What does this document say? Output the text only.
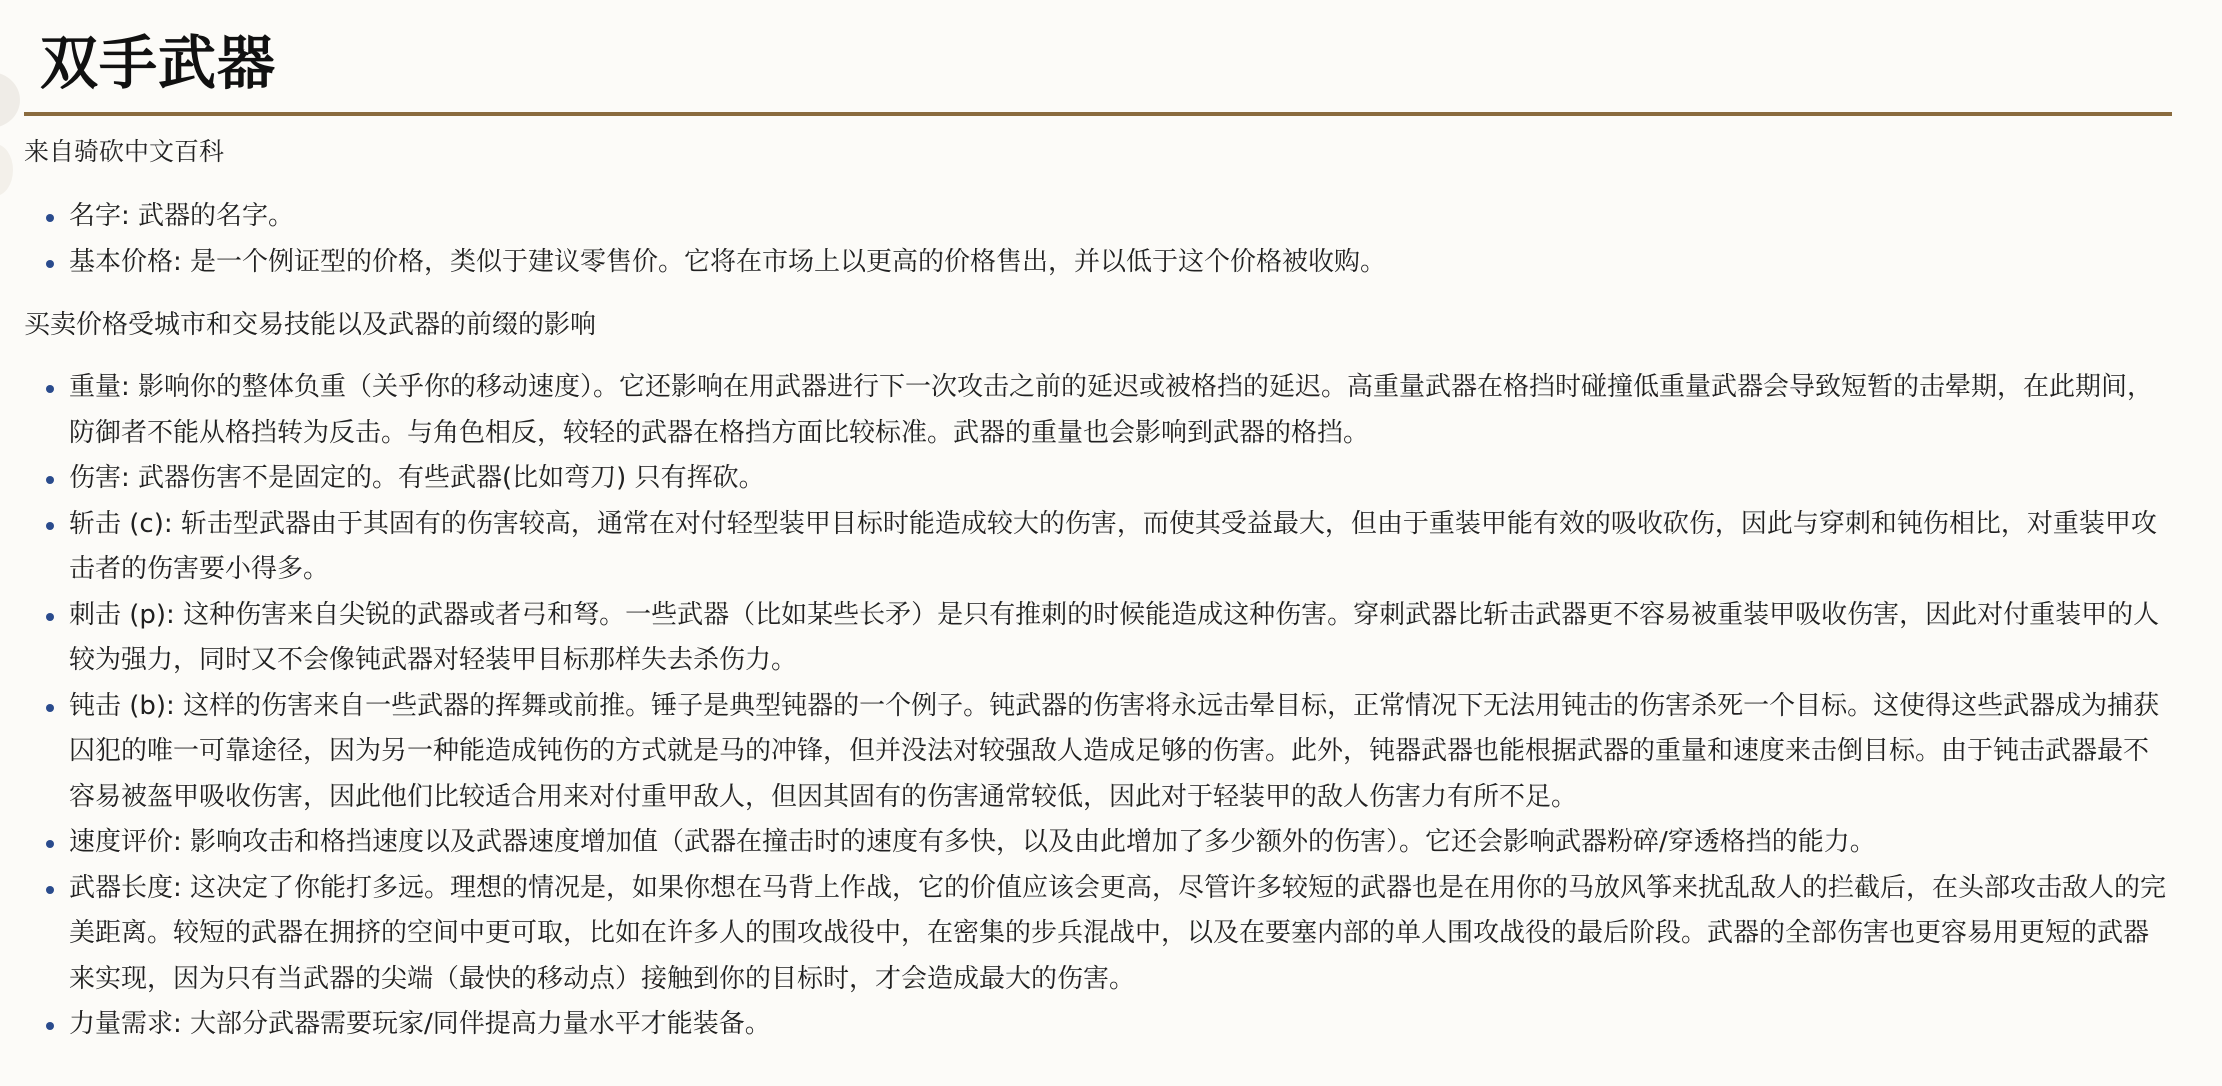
双手武器
来自骑砍中文百科
名字: 武器的名字。
基本价格: 是一个例证型的价格，类似于建议零售价。它将在市场上以更高的价格售出，并以低于这个价格被收购。
买卖价格受城市和交易技能以及武器的前缀的影响
重量: 影响你的整体负重（关乎你的移动速度）。它还影响在用武器进行下一次攻击之前的延迟或被格挡的延迟。高重量武器在格挡时碰撞低重量武器会导致短暂的击晕期，在此期间，防御者不能从格挡转为反击。与角色相反，较轻的武器在格挡方面比较标准。武器的重量也会影响到武器的格挡。
伤害: 武器伤害不是固定的。有些武器(比如弯刀) 只有挥砍。
斩击 (c): 斩击型武器由于其固有的伤害较高，通常在对付轻型装甲目标时能造成较大的伤害，而使其受益最大，但由于重装甲能有效的吸收砍伤，因此与穿刺和钝伤相比，对重装甲攻击者的伤害要小得多。
刺击 (p): 这种伤害来自尖锐的武器或者弓和弩。一些武器（比如某些长矛）是只有推刺的时候能造成这种伤害。穿刺武器比斩击武器更不容易被重装甲吸收伤害，因此对付重装甲的人较为强力，同时又不会像钝武器对轻装甲目标那样失去杀伤力。
钝击 (b): 这样的伤害来自一些武器的挥舞或前推。锤子是典型钝器的一个例子。钝武器的伤害将永远击晕目标，正常情况下无法用钝击的伤害杀死一个目标。这使得这些武器成为捕获囚犯的唯一可靠途径，因为另一种能造成钝伤的方式就是马的冲锋，但并没法对较强敌人造成足够的伤害。此外，钝器武器也能根据武器的重量和速度来击倒目标。由于钝击武器最不容易被盔甲吸收伤害，因此他们比较适合用来对付重甲敌人，但因其固有的伤害通常较低，因此对于轻装甲的敌人伤害力有所不足。
速度评价: 影响攻击和格挡速度以及武器速度增加值（武器在撞击时的速度有多快，以及由此增加了多少额外的伤害）。它还会影响武器粉碎/穿透格挡的能力。
武器长度: 这决定了你能打多远。理想的情况是，如果你想在马背上作战，它的价值应该会更高，尽管许多较短的武器也是在用你的马放风筝来扰乱敌人的拦截后，在头部攻击敌人的完美距离。较短的武器在拥挤的空间中更可取，比如在许多人的围攻战役中，在密集的步兵混战中，以及在要塞内部的单人围攻战役的最后阶段。武器的全部伤害也更容易用更短的武器来实现，因为只有当武器的尖端（最快的移动点）接触到你的目标时，才会造成最大的伤害。
力量需求: 大部分武器需要玩家/同伴提高力量水平才能装备。
